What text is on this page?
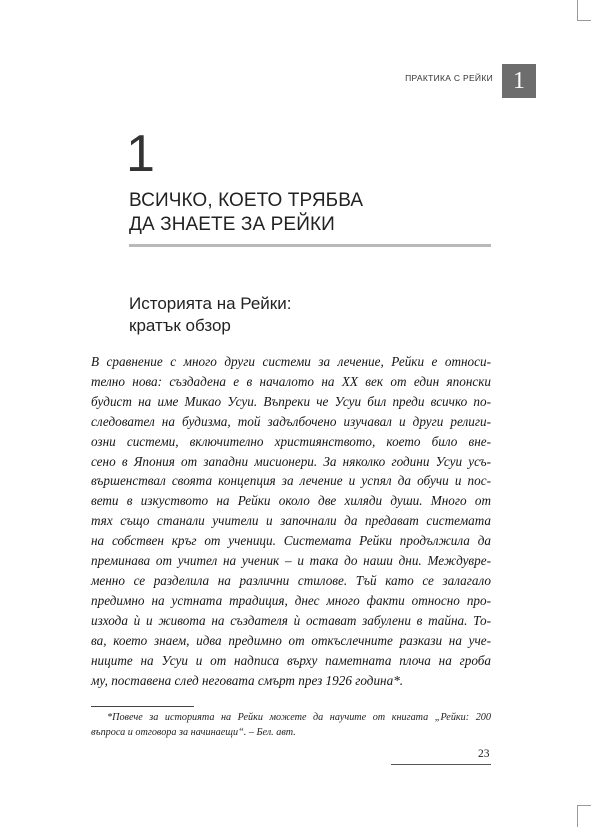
ПРАКТИКА С РЕЙКИ 1
1
ВСИЧКО, КОЕТО ТРЯБВА
ДА ЗНАЕТЕ ЗА РЕЙКИ
Историята на Рейки:
кратък обзор
В сравнение с много други системи за лечение, Рейки е относи-
телно нова: създадена е в началото на XX век от един японски
будист на име Микао Усуи. Въпреки че Усуи бил преди всичко по-
следовател на будизма, той задълбочено изучавал и други религи-
озни системи, включително християнството, което било внe-
сено в Япония от западни мисионери. За няколко години Усуи усъ-
вършенствал своята концепция за лечение и успял да обучи и пос-
вети в изкуството на Рейки около две хиляди души. Много от
тях също станали учители и започнали да предават системата
на собствен кръг от ученици. Системата Рейки продължила да
преминава от учител на ученик – и така до наши дни. Междувре-
менно се разделила на различни стилове. Тъй като се залагало
предимно на устната традиция, днес много факти относно про-
изхода ѝ и живота на създателя ѝ остават забулени в тайна. То-
ва, което знаем, идва предимно от откъслечните разкази на уче-
ниците на Усуи и от надписа върху паметната плоча на гроба
му, поставена след неговата смърт през 1926 година*.
*Повече за историята на Рейки можете да научите от книгата „Рейки: 200
въпроса и отговора за начинаещи“. – Бел. авт.
23
